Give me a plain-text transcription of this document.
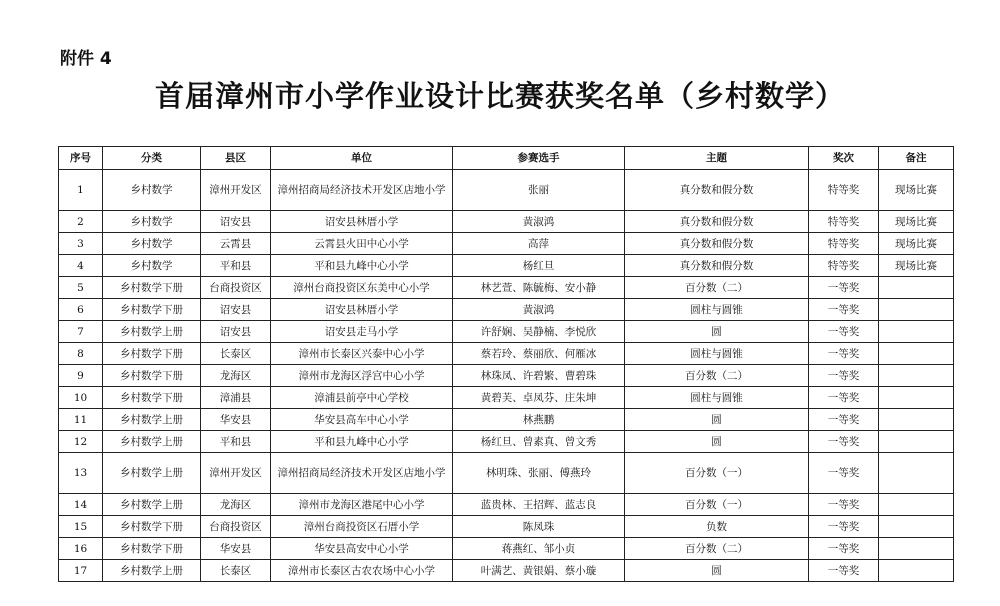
附件 4
首届漳州市小学作业设计比赛获奖名单（乡村数学）
序号	分类	县区	单位	参赛选手	主题	奖次	备注
1	乡村数学	漳州开发区	漳州招商局经济技术开发区店地小学	张丽	真分数和假分数	特等奖	现场比赛
2	乡村数学	诏安县	诏安县林厝小学	黄淑鸿	真分数和假分数	特等奖	现场比赛
3	乡村数学	云霄县	云霄县火田中心小学	高萍	真分数和假分数	特等奖	现场比赛
4	乡村数学	平和县	平和县九峰中心小学	杨红旦	真分数和假分数	特等奖	现场比赛
5	乡村数学下册	台商投资区	漳州台商投资区东美中心小学	林艺萱、陈毓梅、安小静	百分数（二）	一等奖	
6	乡村数学下册	诏安县	诏安县林厝小学	黄淑鸿	圆柱与圆锥	一等奖	
7	乡村数学上册	诏安县	诏安县走马小学	许舒娴、吴静楠、李悦欣	圆	一等奖	
8	乡村数学下册	长泰区	漳州市长泰区兴泰中心小学	蔡若玲、蔡丽欣、何雁冰	圆柱与圆锥	一等奖	
9	乡村数学下册	龙海区	漳州市龙海区浮宫中心小学	林珠凤、许碧繁、曹碧珠	百分数（二）	一等奖	
10	乡村数学下册	漳浦县	漳浦县前亭中心学校	黄碧芙、卓凤芬、庄朱坤	圆柱与圆锥	一等奖	
11	乡村数学上册	华安县	华安县高车中心小学	林燕鹏	圆	一等奖	
12	乡村数学上册	平和县	平和县九峰中心小学	杨红旦、曾素真、曾文秀	圆	一等奖	
13	乡村数学上册	漳州开发区	漳州招商局经济技术开发区店地小学	林明珠、张丽、傅燕玲	百分数（一）	一等奖	
14	乡村数学上册	龙海区	漳州市龙海区港尾中心小学	蓝贵林、王招辉、蓝志良	百分数（一）	一等奖	
15	乡村数学下册	台商投资区	漳州台商投资区石厝小学	陈凤珠	负数	一等奖	
16	乡村数学下册	华安县	华安县高安中心小学	蒋燕红、邹小贞	百分数（二）	一等奖	
17	乡村数学上册	长泰区	漳州市长泰区古农农场中心小学	叶满艺、黄银娟、蔡小璇	圆	一等奖	
